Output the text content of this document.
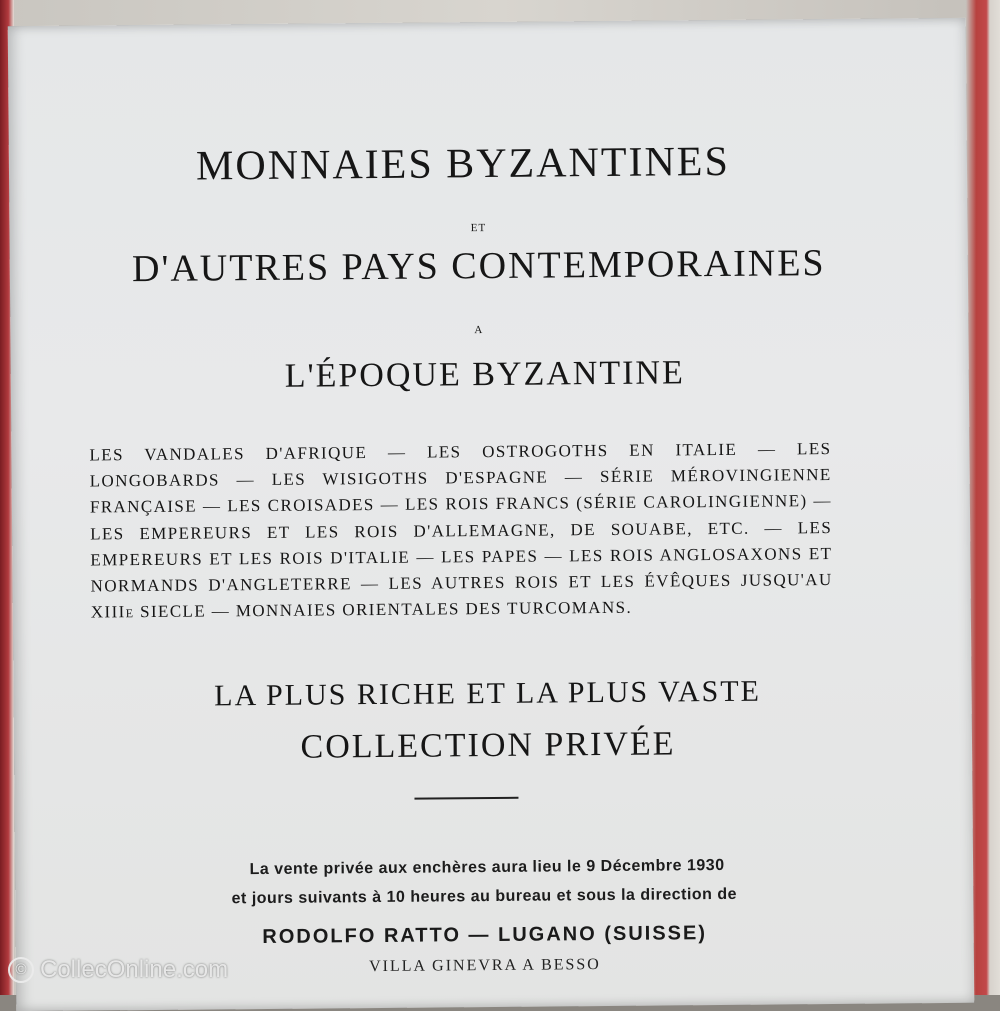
MONNAIES BYZANTINES
ET
D'AUTRES PAYS CONTEMPORAINES
A
L'ÉPOQUE BYZANTINE
LES VANDALES D'AFRIQUE — LES OSTROGOTHS EN ITALIE — LES LONGOBARDS — LES WISIGOTHS D'ESPAGNE — SÉRIE MÉROVINGIENNE FRANÇAISE — LES CROISADES — LES ROIS FRANCS (SÉRIE CAROLINGIENNE) — LES EMPEREURS ET LES ROIS D'ALLEMAGNE, DE SOUABE, ETC. — LES EMPEREURS ET LES ROIS D'ITALIE — LES PAPES — LES ROIS ANGLOSAXONS ET NORMANDS D'ANGLETERRE — LES AUTRES ROIS ET LES ÉVÊQUES JUSQU'AU XIIIe SIECLE — MONNAIES ORIENTALES DES TURCOMANS.
LA PLUS RICHE ET LA PLUS VASTE
COLLECTION PRIVÉE
La vente privée aux enchères aura lieu le 9 Décembre 1930
et jours suivants à 10 heures au bureau et sous la direction de
RODOLFO RATTO — LUGANO (SUISSE)
VILLA GINEVRA A BESSO
© CollecOnline.com
